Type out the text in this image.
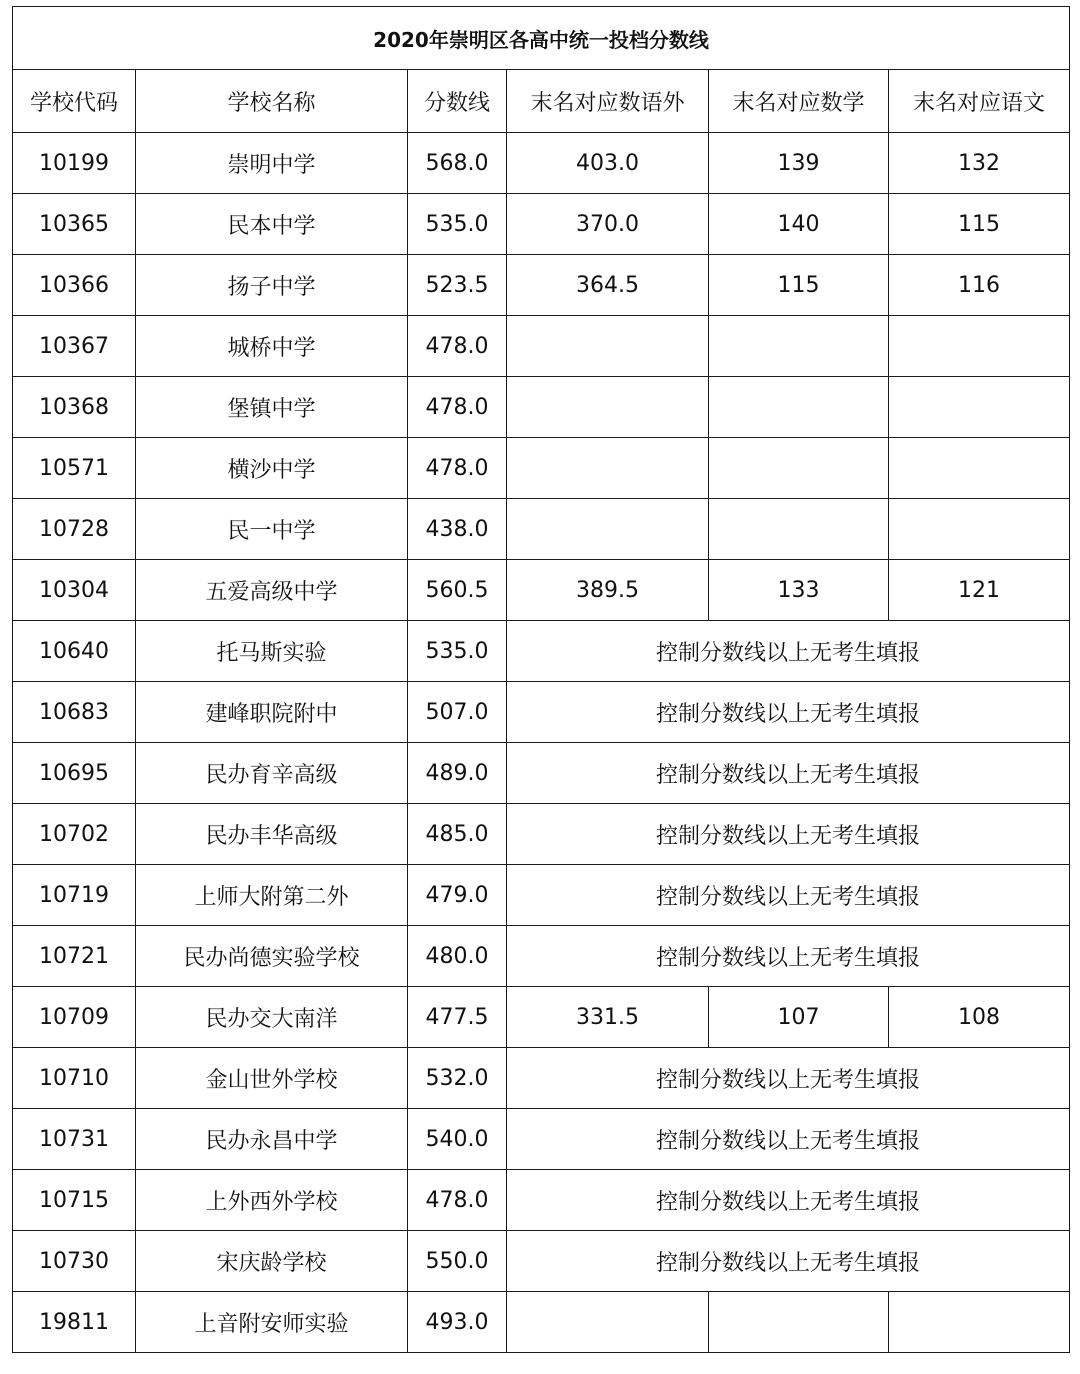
2020年崇明区各高中统一投档分数线					
学校代码	学校名称	分数线	末名对应数语外	末名对应数学	末名对应语文
10199	崇明中学	568.0	403.0	139	132
10365	民本中学	535.0	370.0	140	115
10366	扬子中学	523.5	364.5	115	116
10367	城桥中学	478.0			
10368	堡镇中学	478.0			
10571	横沙中学	478.0			
10728	民一中学	438.0			
10304	五爱高级中学	560.5	389.5	133	121
10640	托马斯实验	535.0	控制分数线以上无考生填报		
10683	建峰职院附中	507.0	控制分数线以上无考生填报		
10695	民办育辛高级	489.0	控制分数线以上无考生填报		
10702	民办丰华高级	485.0	控制分数线以上无考生填报		
10719	上师大附第二外	479.0	控制分数线以上无考生填报		
10721	民办尚德实验学校	480.0	控制分数线以上无考生填报		
10709	民办交大南洋	477.5	331.5	107	108
10710	金山世外学校	532.0	控制分数线以上无考生填报		
10731	民办永昌中学	540.0	控制分数线以上无考生填报		
10715	上外西外学校	478.0	控制分数线以上无考生填报		
10730	宋庆龄学校	550.0	控制分数线以上无考生填报		
19811	上音附安师实验	493.0			
